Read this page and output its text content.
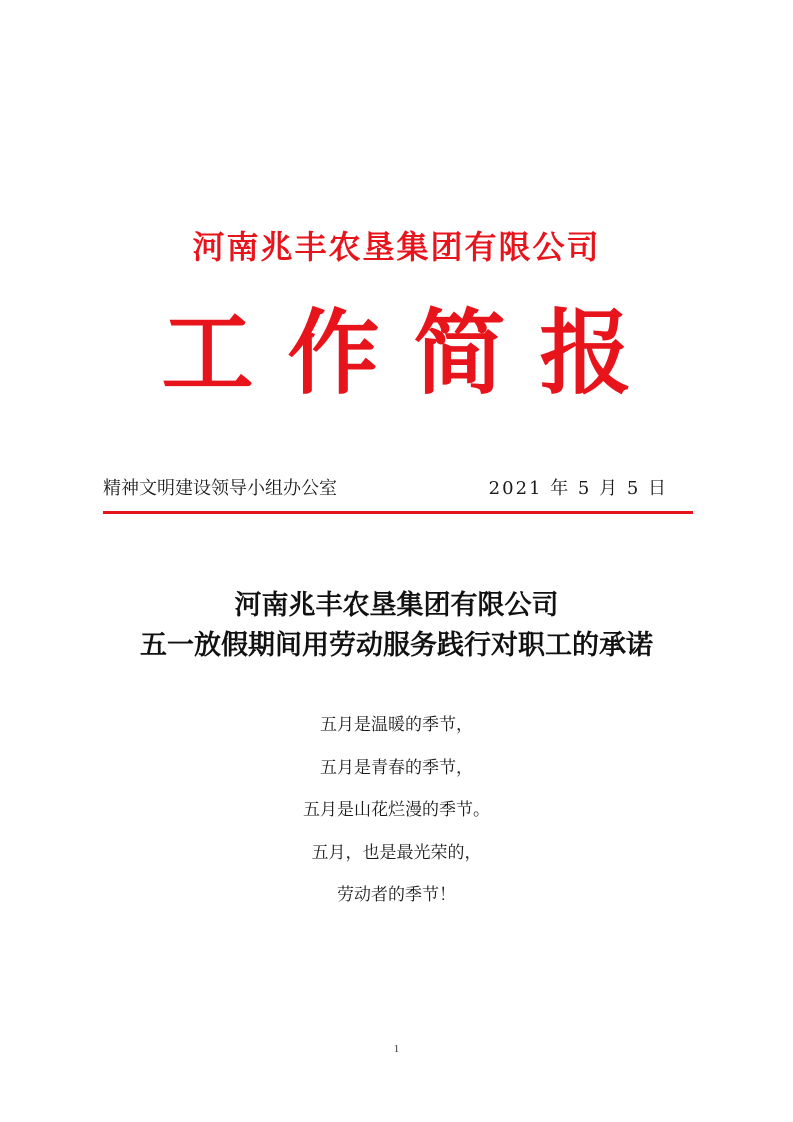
河南兆丰农垦集团有限公司
工作简报
精神文明建设领导小组办公室	2021 年 5 月 5 日
河南兆丰农垦集团有限公司
五一放假期间用劳动服务践行对职工的承诺
五月是温暖的季节，
五月是青春的季节，
五月是山花烂漫的季节。
五月，也是最光荣的，
劳动者的季节！
1
